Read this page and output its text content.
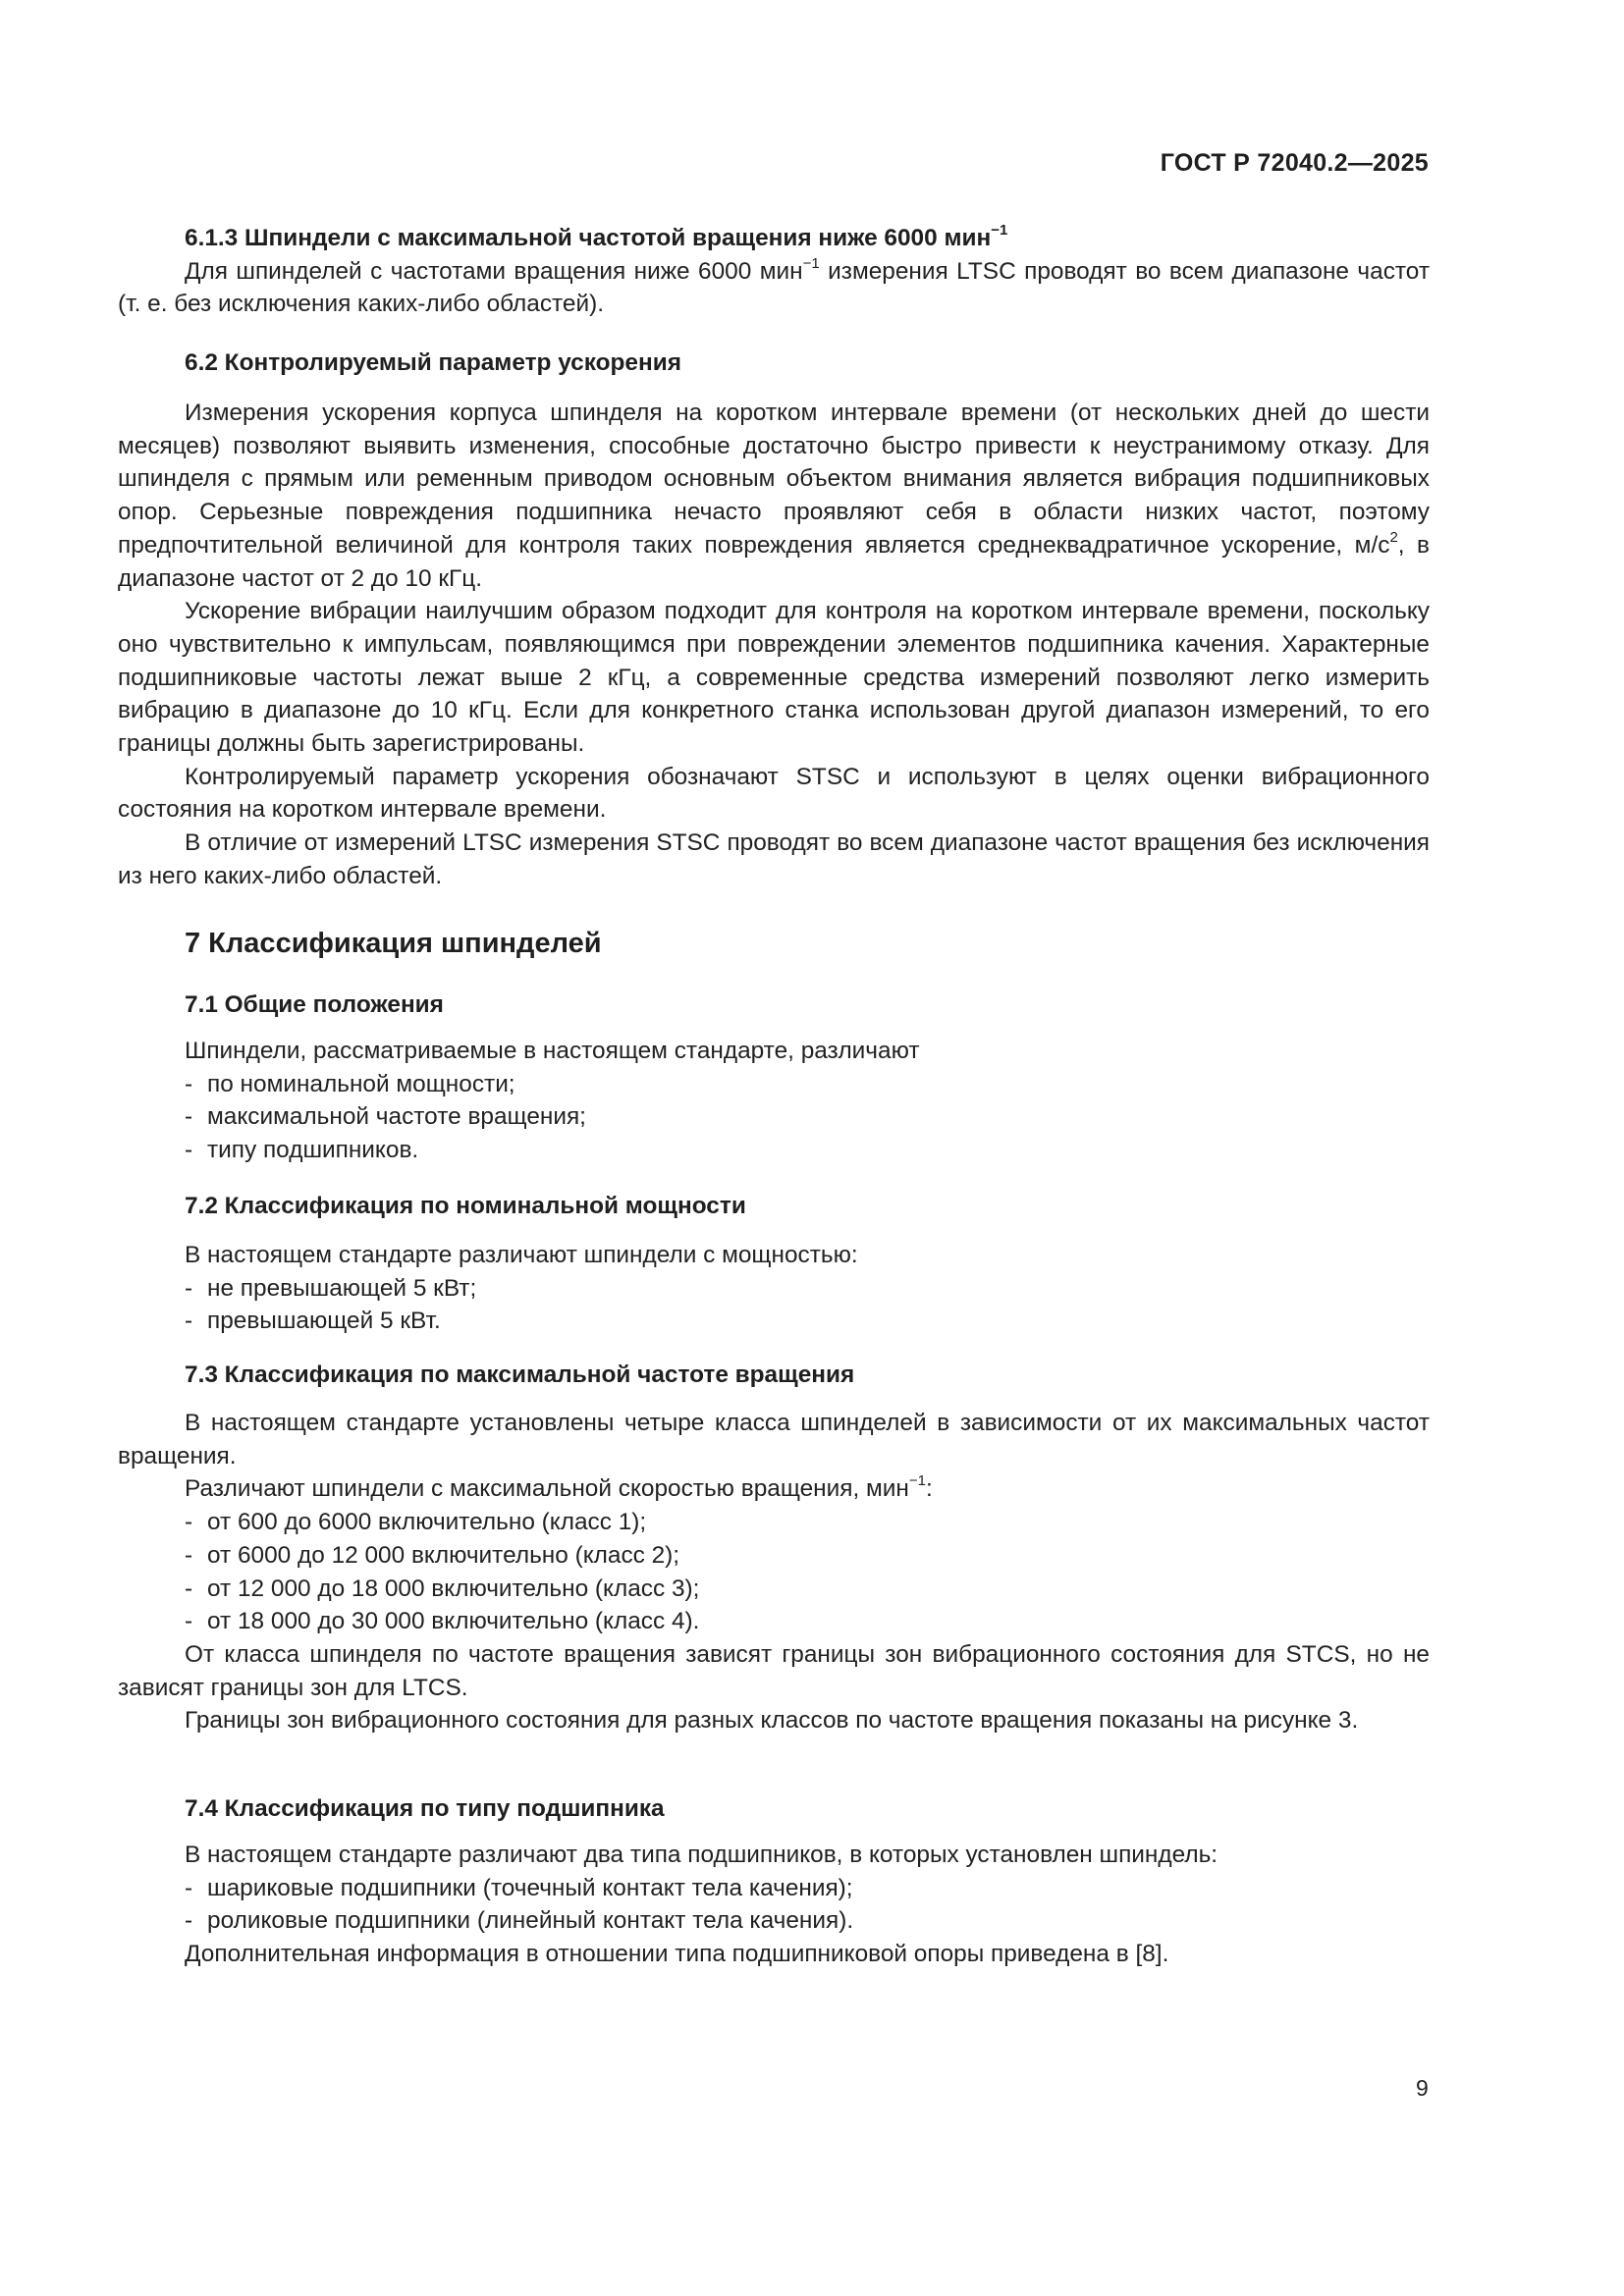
ГОСТ Р 72040.2—2025
6.1.3 Шпиндели с максимальной частотой вращения ниже 6000 мин$^{-1}$

Для шпинделей с частотами вращения ниже 6000 мин$^{-1}$ измерения LTSC проводят во всем диапазоне частот (т. е. без исключения каких-либо областей).

6.2 Контролируемый параметр ускорения

Измерения ускорения корпуса шпинделя на коротком интервале времени (от нескольких дней до шести месяцев) позволяют выявить изменения, способные достаточно быстро привести к неустранимому отказу. Для шпинделя с прямым или ременным приводом основным объектом внимания является вибрация подшипниковых опор. Серьезные повреждения подшипника нечасто проявляют себя в области низких частот, поэтому предпочтительной величиной для контроля таких повреждения является среднеквадратичное ускорение, $м/с^2$, в диапазоне частот от 2 до 10 кГц.

Ускорение вибрации наилучшим образом подходит для контроля на коротком интервале времени, поскольку оно чувствительно к импульсам, появляющимся при повреждении элементов подшипника качения. Характерные подшипниковые частоты лежат выше 2 кГц, а современные средства измерений позволяют легко измерить вибрацию в диапазоне до 10 кГц. Если для конкретного станка использован другой диапазон измерений, то его границы должны быть зарегистрированы.

Контролируемый параметр ускорения обозначают STSC и используют в целях оценки вибрационного состояния на коротком интервале времени.

В отличие от измерений LTSC измерения STSC проводят во всем диапазоне частот вращения без исключения из него каких-либо областей.

7 Классификация шпинделей
7.1 Общие положения

Шпиндели, рассматриваемые в настоящем стандарте, различают

- по номинальной мощности;

- максимальной частоте вращения;

- типу подшипников.

7.2 Классификация по номинальной мощности

В настоящем стандарте различают шпиндели с мощностью:

- не превышающей 5 кВт;

- превышающей 5 кВт.

7.3 Классификация по максимальной частоте вращения

В настоящем стандарте установлены четыре класса шпинделей в зависимости от их максимальных частот вращения.

Различают шпиндели с максимальной скоростью вращения, мин$^{-1}$:

- от 600 до 6000 включительно (класс 1);

- от 6000 до 12 000 включительно (класс 2);

- от 12 000 до 18 000 включительно (класс 3);

- от 18 000 до 30 000 включительно (класс 4).

От класса шпинделя по частоте вращения зависят границы зон вибрационного состояния для STCS, но не зависят границы зон для LTCS.

Границы зон вибрационного состояния для разных классов по частоте вращения показаны на рисунке 3.

7.4 Классификация по типу подшипника

В настоящем стандарте различают два типа подшипников, в которых установлен шпиндель:

- шариковые подшипники (точечный контакт тела качения);

- роликовые подшипники (линейный контакт тела качения).

Дополнительная информация в отношении типа подшипниковой опоры приведена в [8].

9
